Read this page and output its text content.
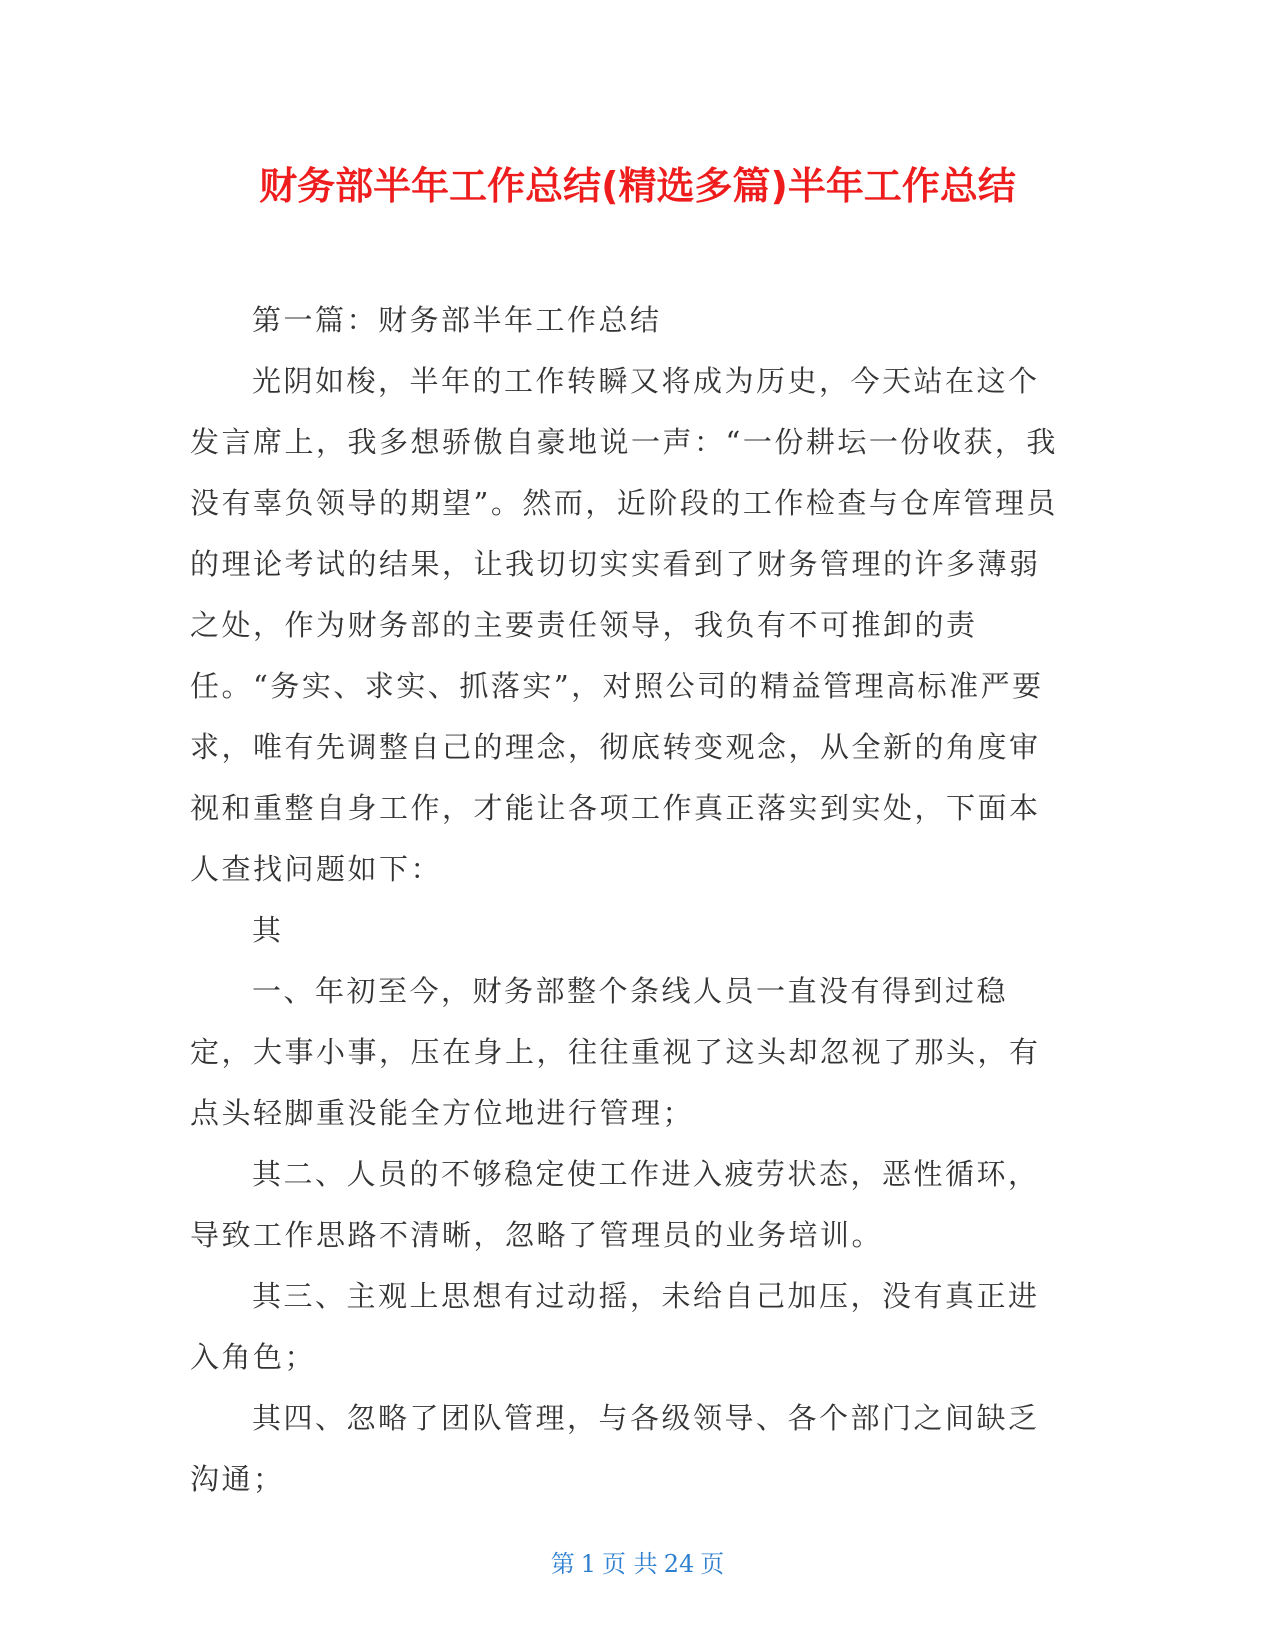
财务部半年工作总结(精选多篇)半年工作总结

第一篇：财务部半年工作总结

光阴如梭，半年的工作转瞬又将成为历史，今天站在这个发言席上，我多想骄傲自豪地说一声：“一份耕坛一份收获，我没有辜负领导的期望”。然而，近阶段的工作检查与仓库管理员的理论考试的结果，让我切切实实看到了财务管理的许多薄弱之处，作为财务部的主要责任领导，我负有不可推卸的责任。“务实、求实、抓落实”，对照公司的精益管理高标准严要求，唯有先调整自己的理念，彻底转变观念，从全新的角度审视和重整自身工作，才能让各项工作真正落实到实处，下面本人查找问题如下：

其

一、年初至今，财务部整个条线人员一直没有得到过稳定，大事小事，压在身上，往往重视了这头却忽视了那头，有点头轻脚重没能全方位地进行管理；

其二、人员的不够稳定使工作进入疲劳状态，恶性循环，导致工作思路不清晰，忽略了管理员的业务培训。

其三、主观上思想有过动摇，未给自己加压，没有真正进入角色；

其四、忽略了团队管理，与各级领导、各个部门之间缺乏沟通；

第 1 页 共 24 页
